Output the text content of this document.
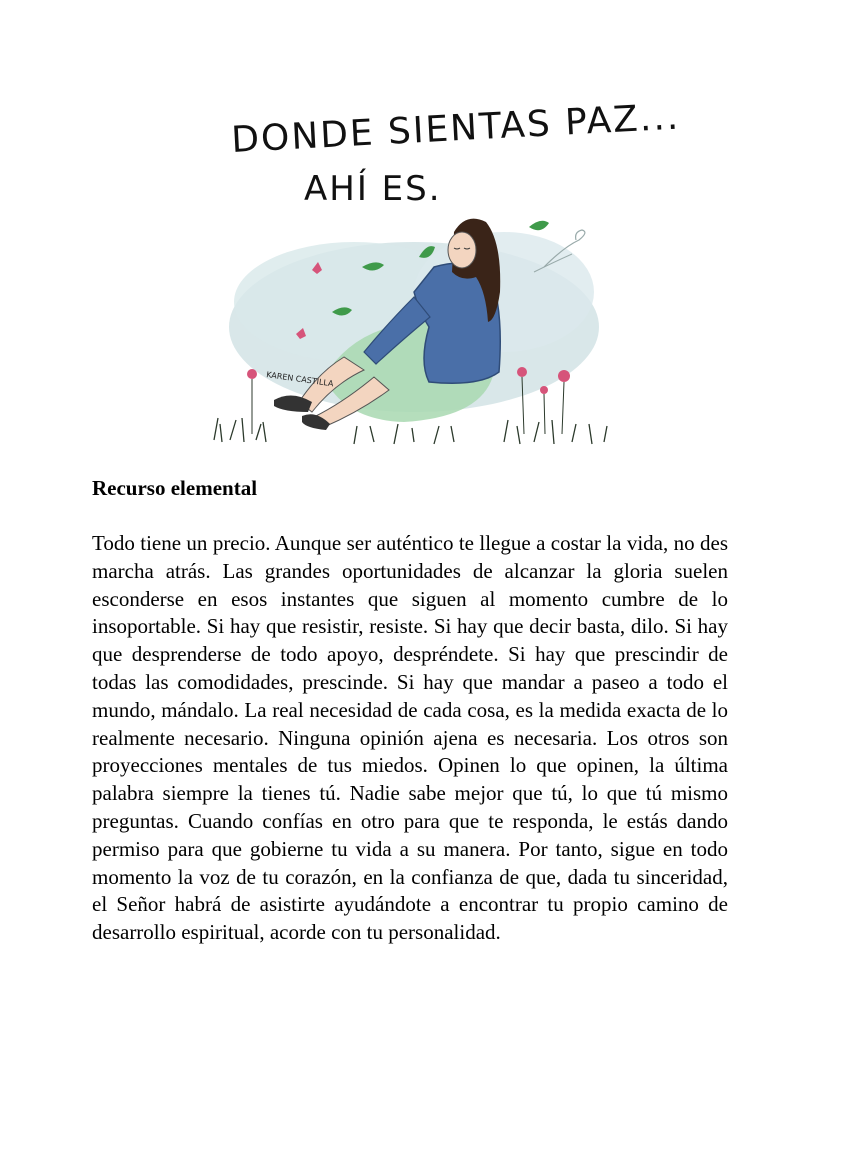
DONDE SIENTAS PAZ...
AHÍ ES.
KAREN CASTILLA
Recurso elemental

Todo tiene un precio. Aunque ser auténtico te llegue a costar la vida, no des marcha atrás. Las grandes oportunidades de alcanzar la gloria suelen esconderse en esos instantes que siguen al momento cumbre de lo insoportable. Si hay que resistir, resiste. Si hay que decir basta, dilo. Si hay que desprenderse de todo apoyo, despréndete. Si hay que prescindir de todas las comodidades, prescinde. Si hay que mandar a paseo a todo el mundo, mándalo. La real necesidad de cada cosa, es la medida exacta de lo realmente necesario. Ninguna opinión ajena es necesaria. Los otros son proyecciones mentales de tus miedos. Opinen lo que opinen, la última palabra siempre la tienes tú. Nadie sabe mejor que tú, lo que tú mismo preguntas. Cuando confías en otro para que te responda, le estás dando permiso para que gobierne tu vida a su manera. Por tanto, sigue en todo momento la voz de tu corazón, en la confianza de que, dada tu sinceridad, el Señor habrá de asistirte ayudándote a encontrar tu propio camino de desarrollo espiritual, acorde con tu personalidad.
